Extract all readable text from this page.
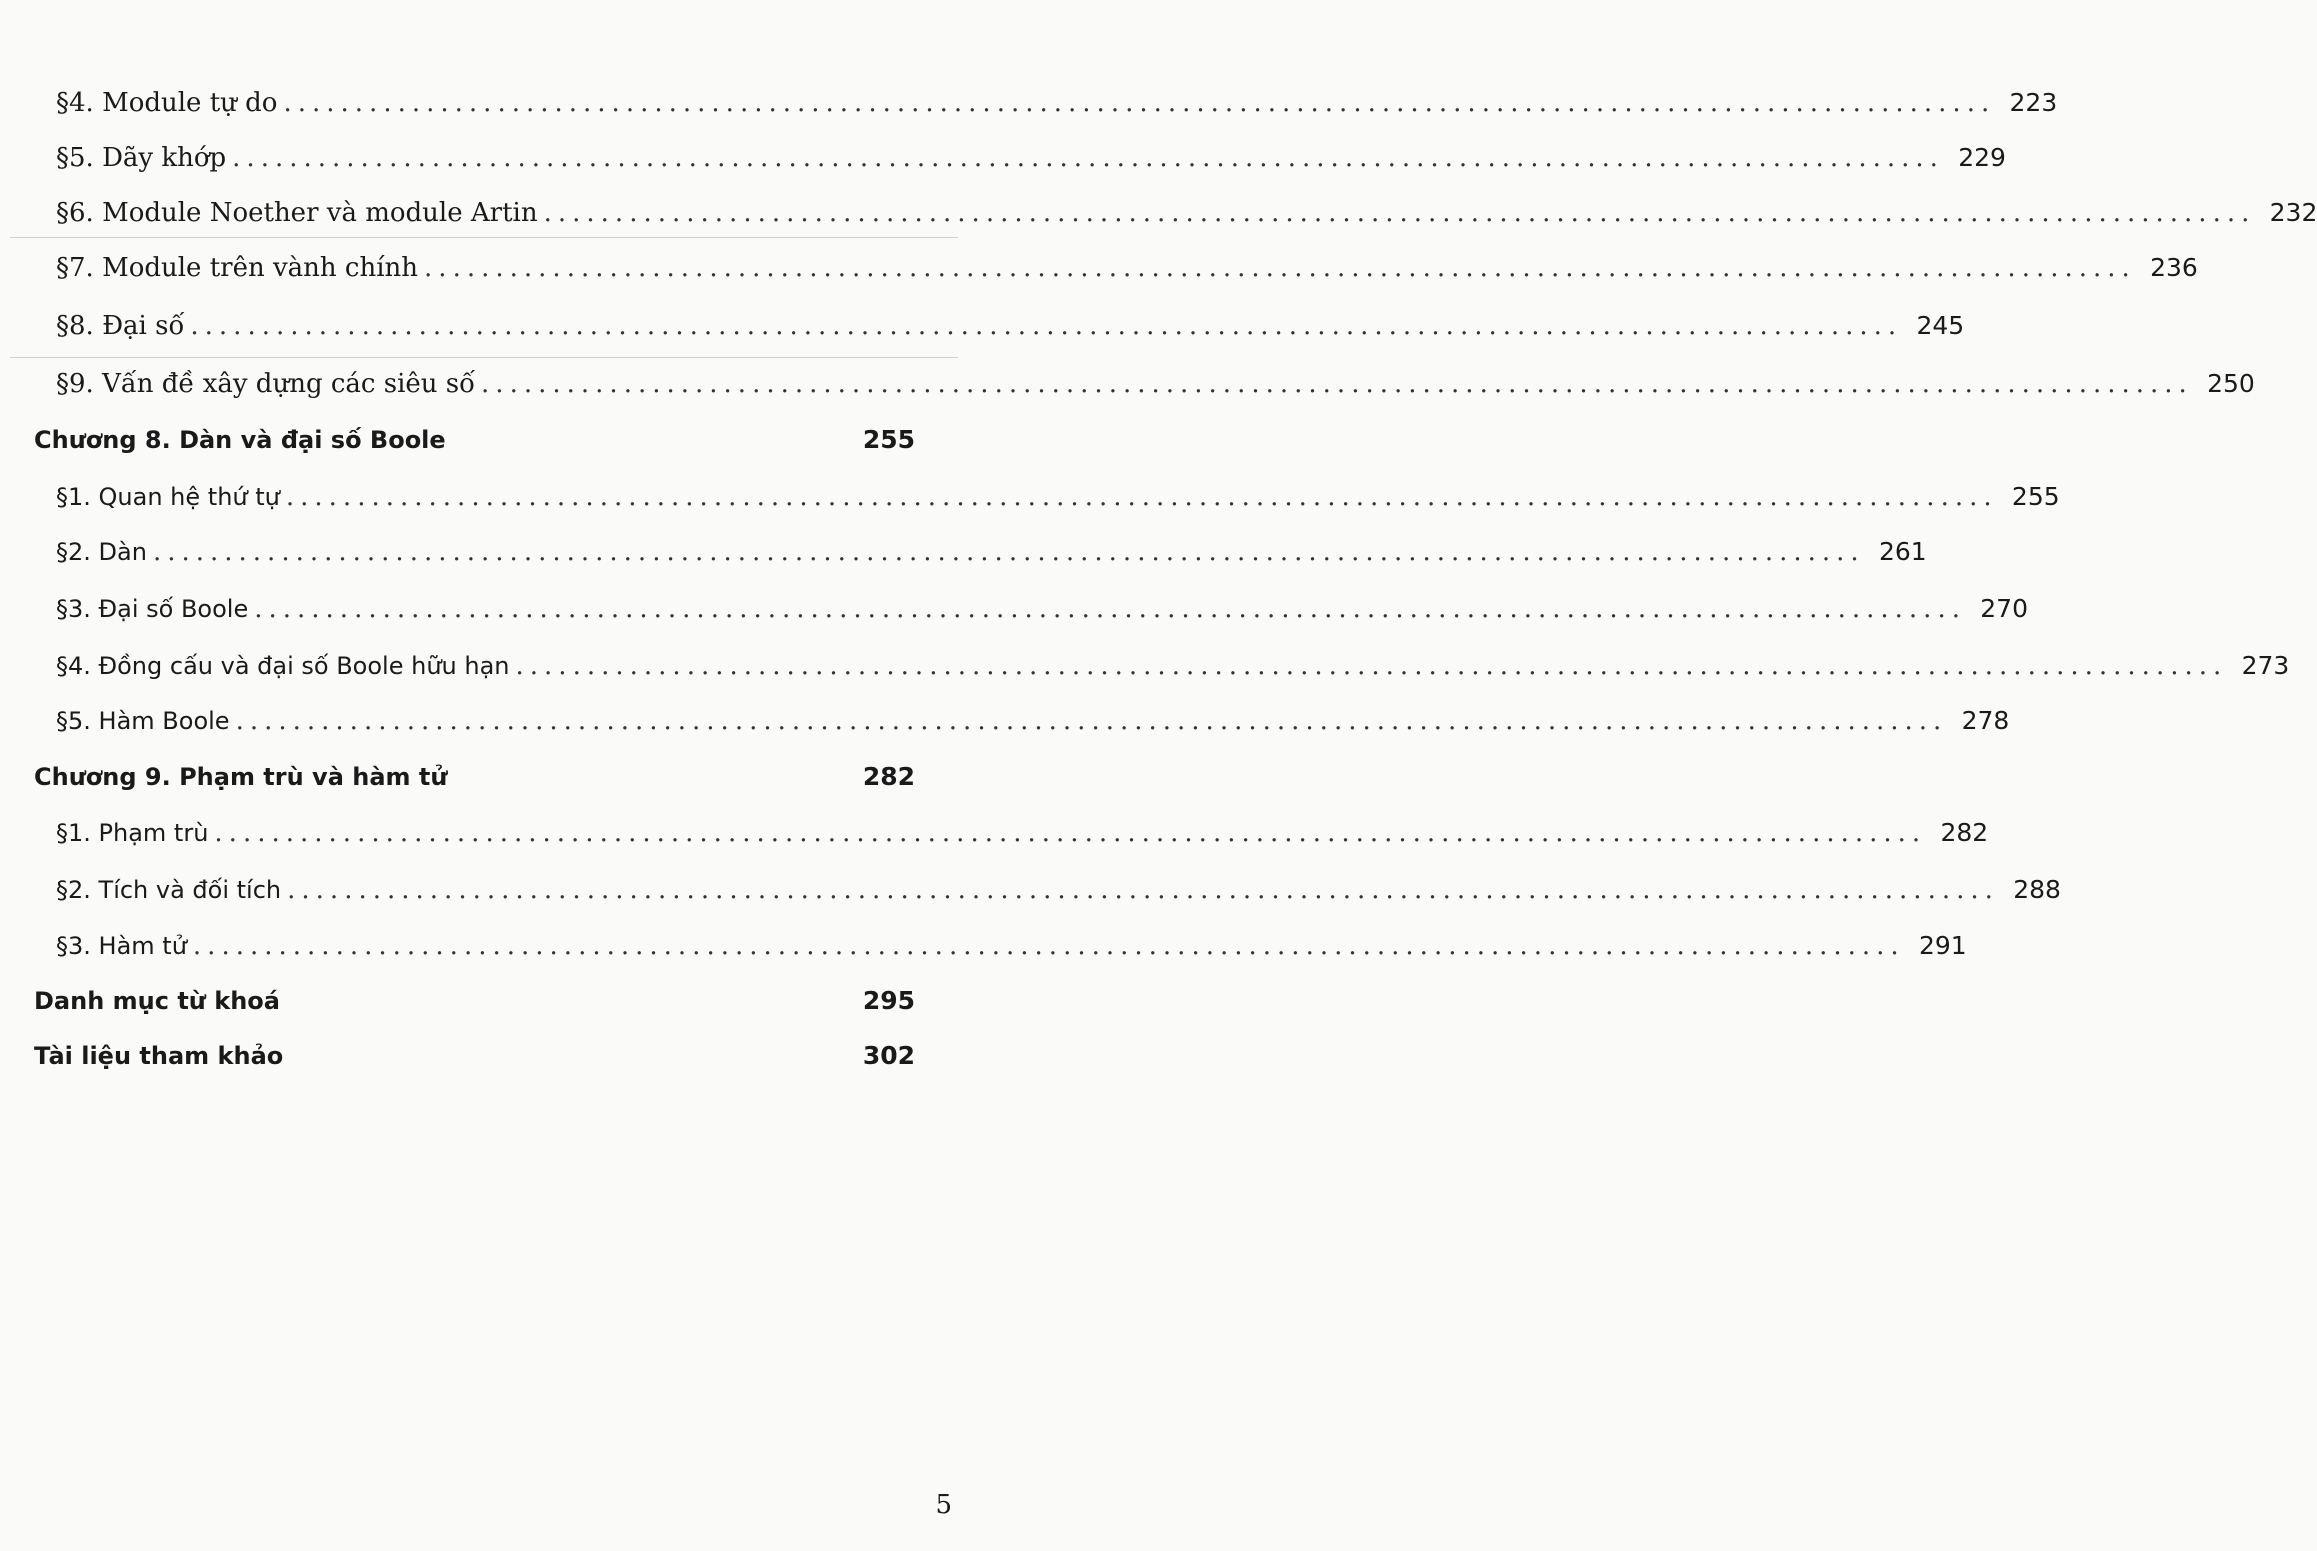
§4. Module tự do ........................................................................................................................ 223
§5. Dãy khớp ........................................................................................................................ 229
§6. Module Noether và module Artin ........................................................................................................................ 232
§7. Module trên vành chính ........................................................................................................................ 236
§8. Đại số ........................................................................................................................ 245
§9. Vấn đề xây dựng các siêu số ........................................................................................................................ 250
Chương 8. Dàn và đại số Boole	255
§1. Quan hệ thứ tự ........................................................................................................................ 255
§2. Dàn ........................................................................................................................ 261
§3. Đại số Boole ........................................................................................................................ 270
§4. Đồng cấu và đại số Boole hữu hạn ........................................................................................................................ 273
§5. Hàm Boole ........................................................................................................................ 278
Chương 9. Phạm trù và hàm tử	282
§1. Phạm trù ........................................................................................................................ 282
§2. Tích và đối tích ........................................................................................................................ 288
§3. Hàm tử ........................................................................................................................ 291
Danh mục từ khoá	295
Tài liệu tham khảo	302
5
